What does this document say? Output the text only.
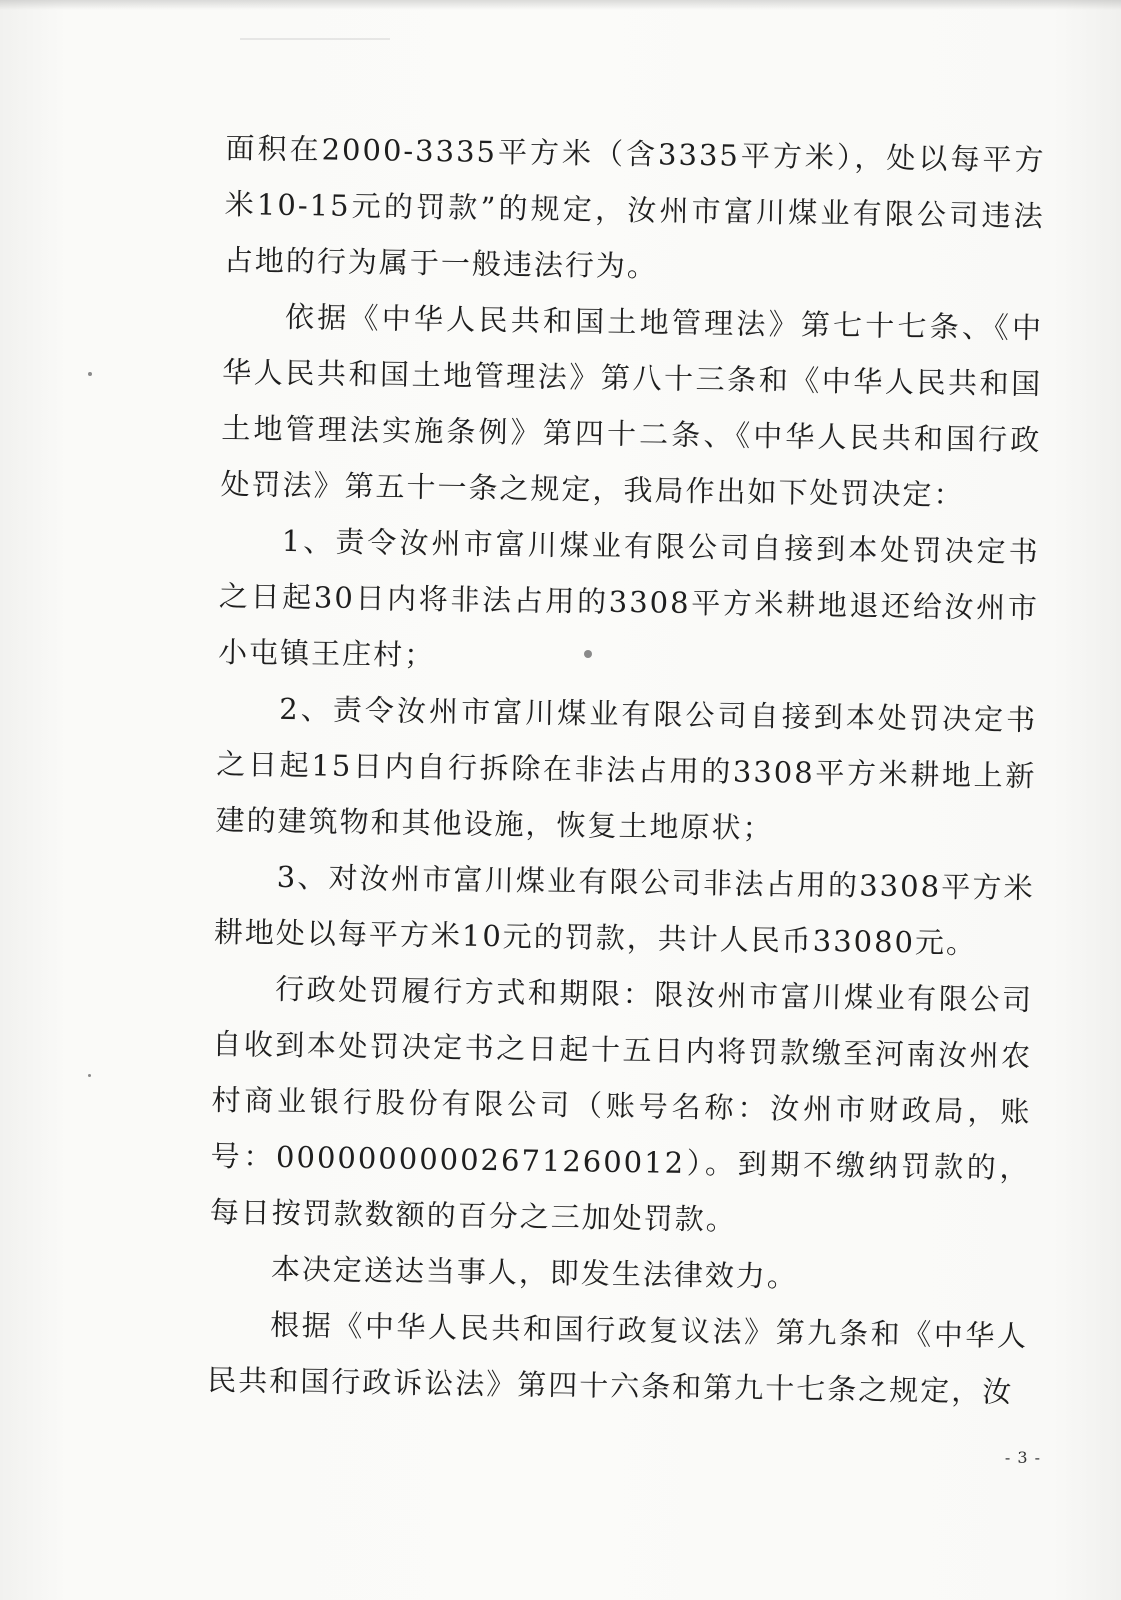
面积在2000-3335平方米（含3335平方米），处以每平方米10-15元的罚款”的规定，汝州市富川煤业有限公司违法占地的行为属于一般违法行为。

依据《中华人民共和国土地管理法》第七十七条、《中华人民共和国土地管理法》第八十三条和《中华人民共和国土地管理法实施条例》第四十二条、《中华人民共和国行政处罚法》第五十一条之规定，我局作出如下处罚决定：

1、责令汝州市富川煤业有限公司自接到本处罚决定书之日起30日内将非法占用的3308平方米耕地退还给汝州市小屯镇王庄村；

2、责令汝州市富川煤业有限公司自接到本处罚决定书之日起15日内自行拆除在非法占用的3308平方米耕地上新建的建筑物和其他设施，恢复土地原状；

3、对汝州市富川煤业有限公司非法占用的3308平方米耕地处以每平方米10元的罚款，共计人民币33080元。

行政处罚履行方式和期限：限汝州市富川煤业有限公司自收到本处罚决定书之日起十五日内将罚款缴至河南汝州农村商业银行股份有限公司（账号名称：汝州市财政局，账号：00000000002671260012）。到期不缴纳罚款的，每日按罚款数额的百分之三加处罚款。

本决定送达当事人，即发生法律效力。

根据《中华人民共和国行政复议法》第九条和《中华人民共和国行政诉讼法》第四十六条和第九十七条之规定，汝

- 3 -
